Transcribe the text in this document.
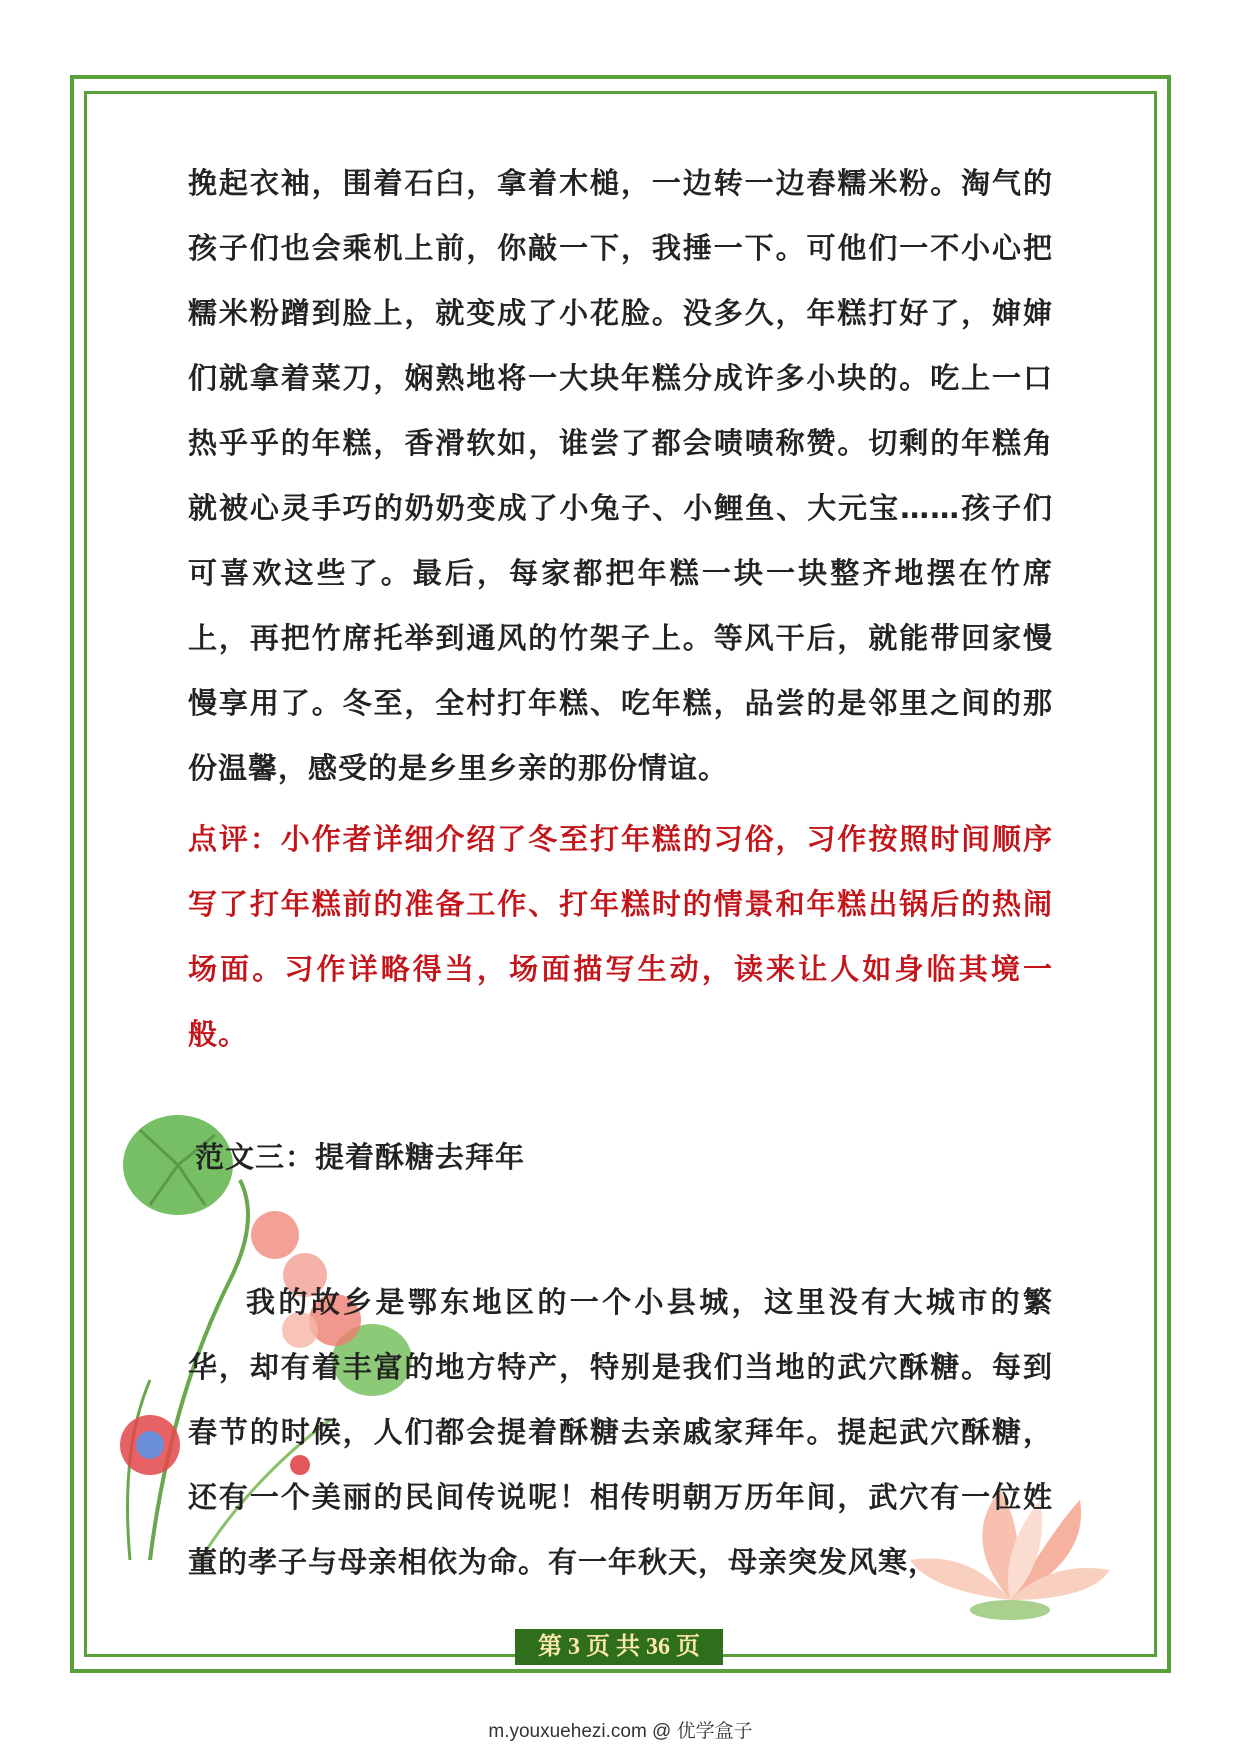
挽起衣袖，围着石臼，拿着木槌，一边转一边舂糯米粉。淘气的孩子们也会乘机上前，你敲一下，我捶一下。可他们一不小心把糯米粉蹭到脸上，就变成了小花脸。没多久，年糕打好了，婶婶们就拿着菜刀，娴熟地将一大块年糕分成许多小块的。吃上一口热乎乎的年糕，香滑软如，谁尝了都会啧啧称赞。切剩的年糕角就被心灵手巧的奶奶变成了小兔子、小鲤鱼、大元宝……孩子们可喜欢这些了。最后，每家都把年糕一块一块整齐地摆在竹席上，再把竹席托举到通风的竹架子上。等风干后，就能带回家慢慢享用了。冬至，全村打年糕、吃年糕，品尝的是邻里之间的那份温馨，感受的是乡里乡亲的那份情谊。

点评：小作者详细介绍了冬至打年糕的习俗，习作按照时间顺序写了打年糕前的准备工作、打年糕时的情景和年糕出锅后的热闹场面。习作详略得当，场面描写生动，读来让人如身临其境一般。

范文三：提着酥糖去拜年

我的故乡是鄂东地区的一个小县城，这里没有大城市的繁华，却有着丰富的地方特产，特别是我们当地的武穴酥糖。每到春节的时候，人们都会提着酥糖去亲戚家拜年。提起武穴酥糖，还有一个美丽的民间传说呢！相传明朝万历年间，武穴有一位姓董的孝子与母亲相依为命。有一年秋天，母亲突发风寒，

第 3 页 共 36 页
m.youxuehezi.com @ 优学盒子
